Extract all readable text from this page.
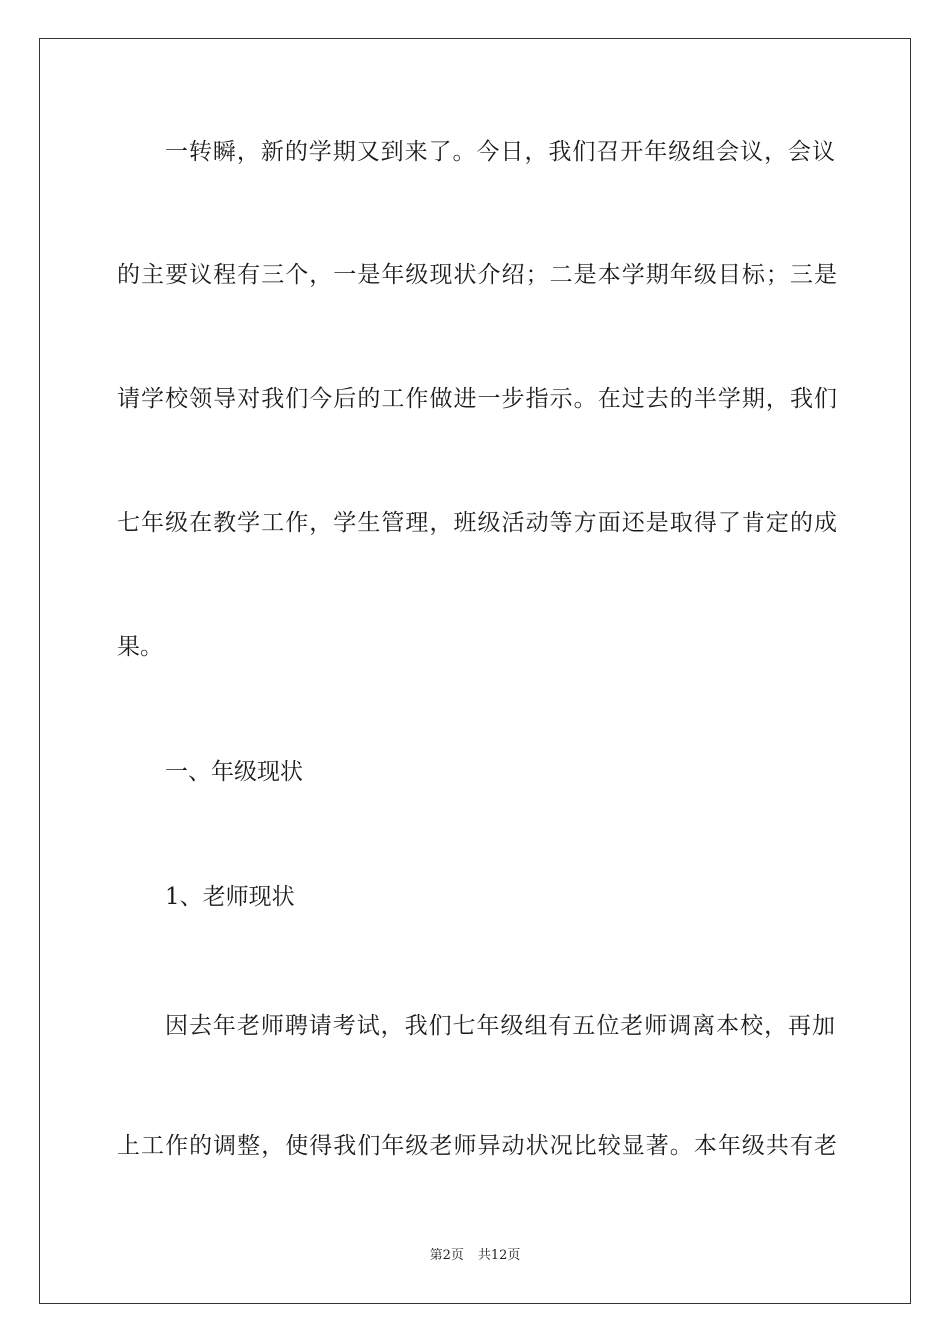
一转瞬，新的学期又到来了。今日，我们召开年级组会议，会议
的主要议程有三个，一是年级现状介绍；二是本学期年级目标；三是
请学校领导对我们今后的工作做进一步指示。在过去的半学期，我们
七年级在教学工作，学生管理，班级活动等方面还是取得了肯定的成
果。
一、年级现状
1、老师现状
因去年老师聘请考试，我们七年级组有五位老师调离本校，再加
上工作的调整，使得我们年级老师异动状况比较显著。本年级共有老
第2页 共12页
